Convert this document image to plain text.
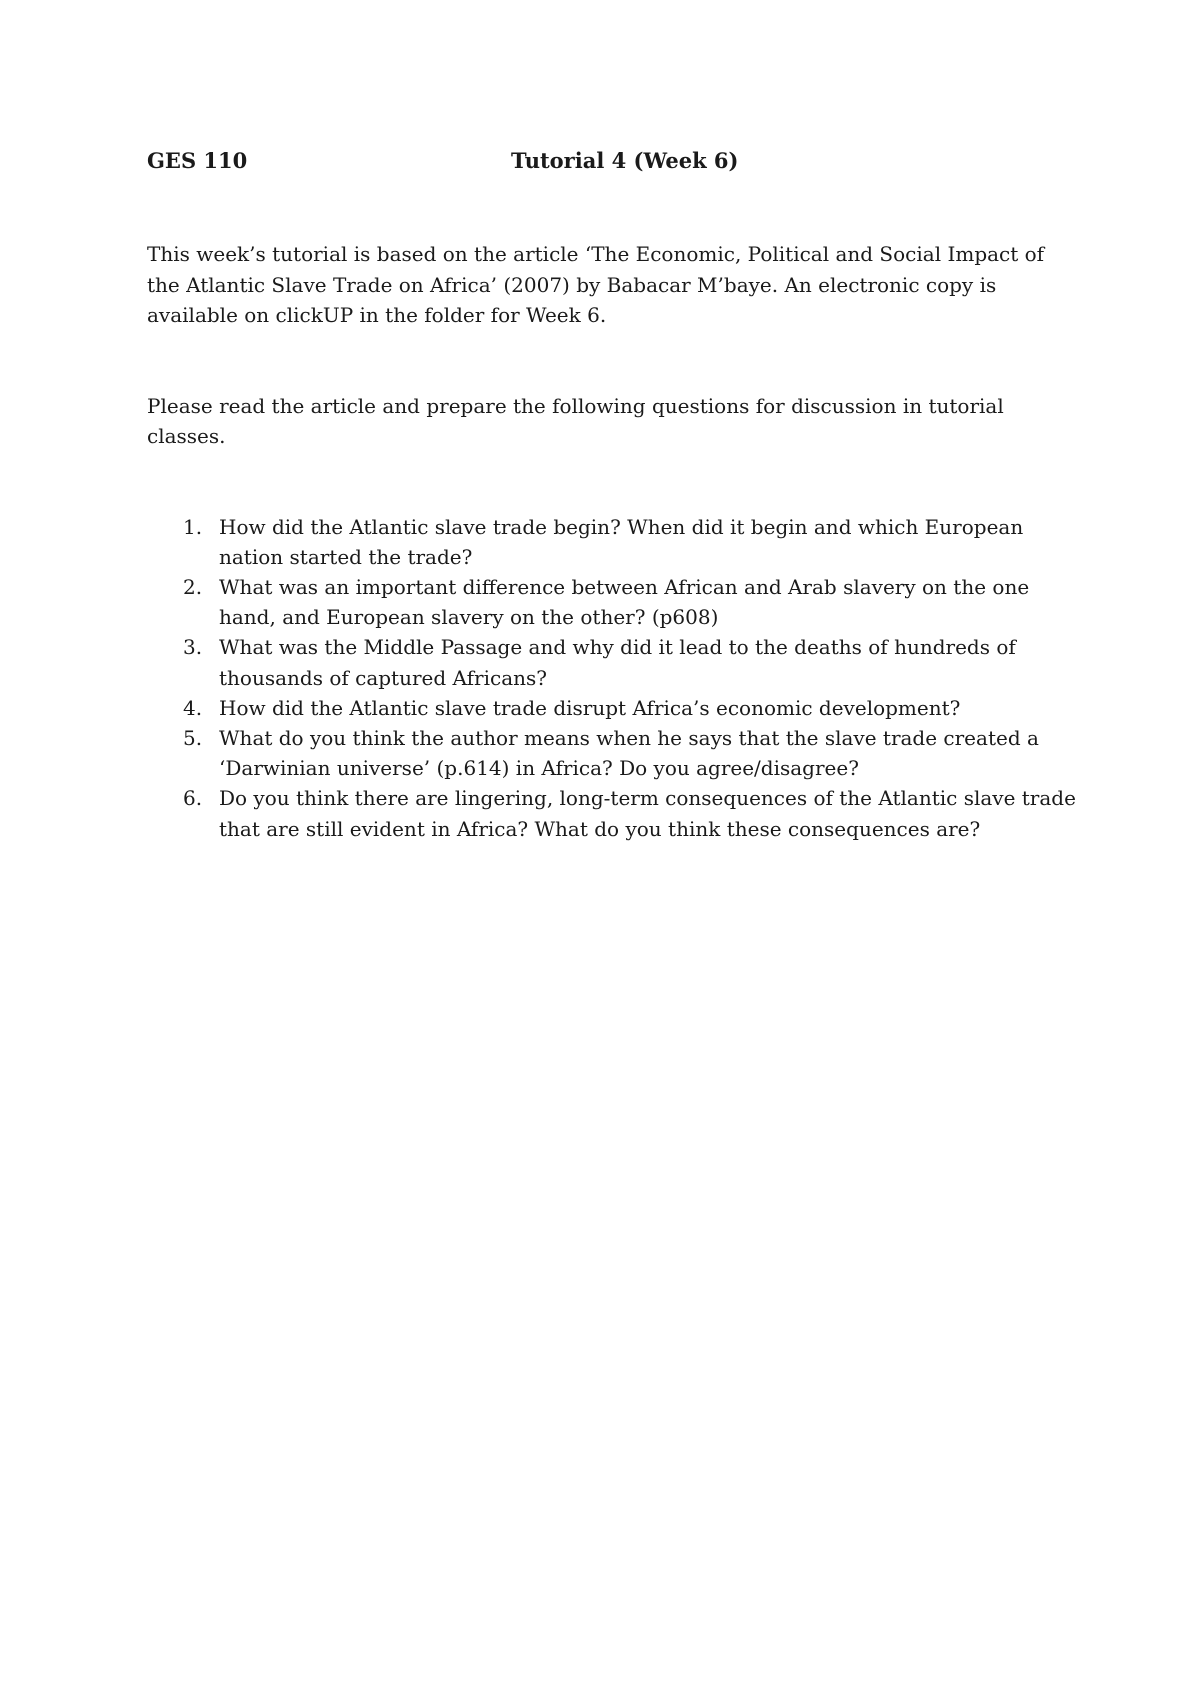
GES 110	Tutorial 4 (Week 6)

This week’s tutorial is based on the article ‘The Economic, Political and Social Impact of the Atlantic Slave Trade on Africa’ (2007) by Babacar M’baye. An electronic copy is available on clickUP in the folder for Week 6.

Please read the article and prepare the following questions for discussion in tutorial classes.

1. How did the Atlantic slave trade begin? When did it begin and which European nation started the trade?
2. What was an important difference between African and Arab slavery on the one hand, and European slavery on the other? (p608)
3. What was the Middle Passage and why did it lead to the deaths of hundreds of thousands of captured Africans?
4. How did the Atlantic slave trade disrupt Africa’s economic development?
5. What do you think the author means when he says that the slave trade created a ‘Darwinian universe’ (p.614) in Africa? Do you agree/disagree?
6. Do you think there are lingering, long-term consequences of the Atlantic slave trade that are still evident in Africa? What do you think these consequences are?
